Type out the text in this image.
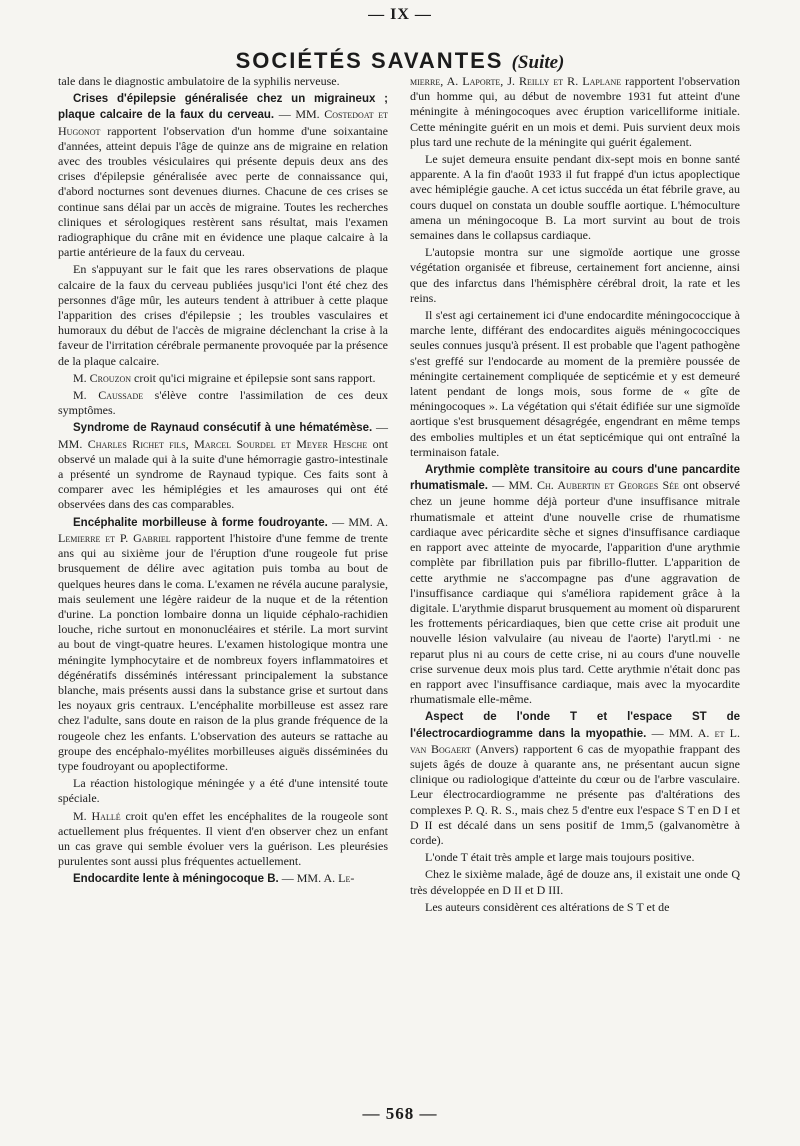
— IX —
SOCIÉTÉS SAVANTES (Suite)

tale dans le diagnostic ambulatoire de la syphilis nerveuse.

Crises d'épilepsie généralisée chez un migraineux ; plaque calcaire de la faux du cerveau. — MM. Costedoat et Hugonot rapportent l'observation d'un homme d'une soixantaine d'années, atteint depuis l'âge de quinze ans de migraine en relation avec des troubles vésiculaires qui présente depuis deux ans des crises d'épilepsie généralisée avec perte de connaissance qui, d'abord nocturnes sont devenues diurnes. Chacune de ces crises se continue sans délai par un accès de migraine. Toutes les recherches cliniques et sérologiques restèrent sans résultat, mais l'examen radiographique du crâne mit en évidence une plaque calcaire à la partie antérieure de la faux du cerveau.

En s'appuyant sur le fait que les rares observations de plaque calcaire de la faux du cerveau publiées jusqu'ici l'ont été chez des personnes d'âge mûr, les auteurs tendent à attribuer à cette plaque l'apparition des crises d'épilepsie ; les troubles vasculaires et humoraux du début de l'accès de migraine déclenchant la crise à la faveur de l'irritation cérébrale permanente provoquée par la présence de la plaque calcaire.

M. Crouzon croit qu'ici migraine et épilepsie sont sans rapport.

M. Caussade s'élève contre l'assimilation de ces deux symptômes.

Syndrome de Raynaud consécutif à une hématémèse. — MM. Charles Richet fils, Marcel Sourdel et Meyer Hesche ont observé un malade qui à la suite d'une hémorragie gastro-intestinale a présenté un syndrome de Raynaud typique. Ces faits sont à comparer avec les hémiplégies et les amauroses qui ont été observées dans des cas comparables.

Encéphalite morbilleuse à forme foudroyante. — MM. A. Lemierre et P. Gabriel rapportent l'histoire d'une femme de trente ans qui au sixième jour de l'éruption d'une rougeole fut prise brusquement de délire avec agitation puis tomba au bout de quelques heures dans le coma. L'examen ne révéla aucune paralysie, mais seulement une légère raideur de la nuque et de la rétention d'urine. La ponction lombaire donna un liquide céphalo-rachidien louche, riche surtout en mononucléaires et stérile. La mort survint au bout de vingt-quatre heures. L'examen histologique montra une méningite lymphocytaire et de nombreux foyers inflammatoires et dégénératifs disséminés intéressant principalement la substance blanche, mais présents aussi dans la substance grise et surtout dans les noyaux gris centraux. L'encéphalite morbilleuse est assez rare chez l'adulte, sans doute en raison de la plus grande fréquence de la rougeole chez les enfants. L'observation des auteurs se rattache au groupe des encéphalo-myélites morbilleuses aiguës disséminées du type foudroyant ou apoplectiforme.

La réaction histologique méningée y a été d'une intensité toute spéciale.

M. Hallé croit qu'en effet les encéphalites de la rougeole sont actuellement plus fréquentes. Il vient d'en observer chez un enfant un cas grave qui semble évoluer vers la guérison. Les pleurésies purulentes sont aussi plus fréquentes actuellement.

Endocardite lente à méningocoque B. — MM. A. Le-

mierre, A. Laporte, J. Reilly et R. Laplane rapportent l'observation d'un homme qui, au début de novembre 1931 fut atteint d'une méningite à méningocoques avec éruption varicelliforme initiale. Cette méningite guérit en un mois et demi. Puis survient deux mois plus tard une rechute de la méningite qui guérit également.

Le sujet demeura ensuite pendant dix-sept mois en bonne santé apparente. A la fin d'août 1933 il fut frappé d'un ictus apoplectique avec hémiplégie gauche. A cet ictus succéda un état fébrile grave, au cours duquel on constata un double souffle aortique. L'hémoculture amena un méningocoque B. La mort survint au bout de trois semaines dans le collapsus cardiaque.

L'autopsie montra sur une sigmoïde aortique une grosse végétation organisée et fibreuse, certainement fort ancienne, ainsi que des infarctus dans l'hémisphère cérébral droit, la rate et les reins.

Il s'est agi certainement ici d'une endocardite méningococcique à marche lente, différant des endocardites aiguës méningococciques seules connues jusqu'à présent. Il est probable que l'agent pathogène s'est greffé sur l'endocarde au moment de la première poussée de méningite certainement compliquée de septicémie et y est demeuré latent pendant de longs mois, sous forme de « gîte de méningocoques ». La végétation qui s'était édifiée sur une sigmoïde aortique s'est brusquement désagrégée, engendrant en même temps des embolies multiples et un état septicémique qui ont entraîné la terminaison fatale.

Arythmie complète transitoire au cours d'une pancardite rhumatismale. — MM. Ch. Aubertin et Georges Sée ont observé chez un jeune homme déjà porteur d'une insuffisance mitrale rhumatismale et atteint d'une nouvelle crise de rhumatisme cardiaque avec péricardite sèche et signes d'insuffisance cardiaque en rapport avec atteinte de myocarde, l'apparition d'une arythmie complète par fibrillation puis par fibrillo-flutter. L'apparition de cette arythmie ne s'accompagne pas d'une aggravation de l'insuffisance cardiaque qui s'améliora rapidement grâce à la digitale. L'arythmie disparut brusquement au moment où disparurent les frottements péricardiaques, bien que cette crise ait produit une nouvelle lésion valvulaire (au niveau de l'aorte) l'arytl.mi · ne reparut plus ni au cours de cette crise, ni au cours d'une nouvelle crise survenue deux mois plus tard. Cette arythmie n'était donc pas en rapport avec l'insuffisance cardiaque, mais avec la myocardite rhumatismale elle-même.

Aspect de l'onde T et l'espace ST de l'électrocardiogramme dans la myopathie. — MM. A. et L. van Bogaert (Anvers) rapportent 6 cas de myopathie frappant des sujets âgés de douze à quarante ans, ne présentant aucun signe clinique ou radiologique d'atteinte du cœur ou de l'arbre vasculaire. Leur électrocardiogramme ne présente pas d'altérations des complexes P. Q. R. S., mais chez 5 d'entre eux l'espace S T en D I et D II est décalé dans un sens positif de 1mm,5 (galvanomètre à corde).

L'onde T était très ample et large mais toujours positive.

Chez le sixième malade, âgé de douze ans, il existait une onde Q très développée en D II et D III.

Les auteurs considèrent ces altérations de S T et de

— 568 —
